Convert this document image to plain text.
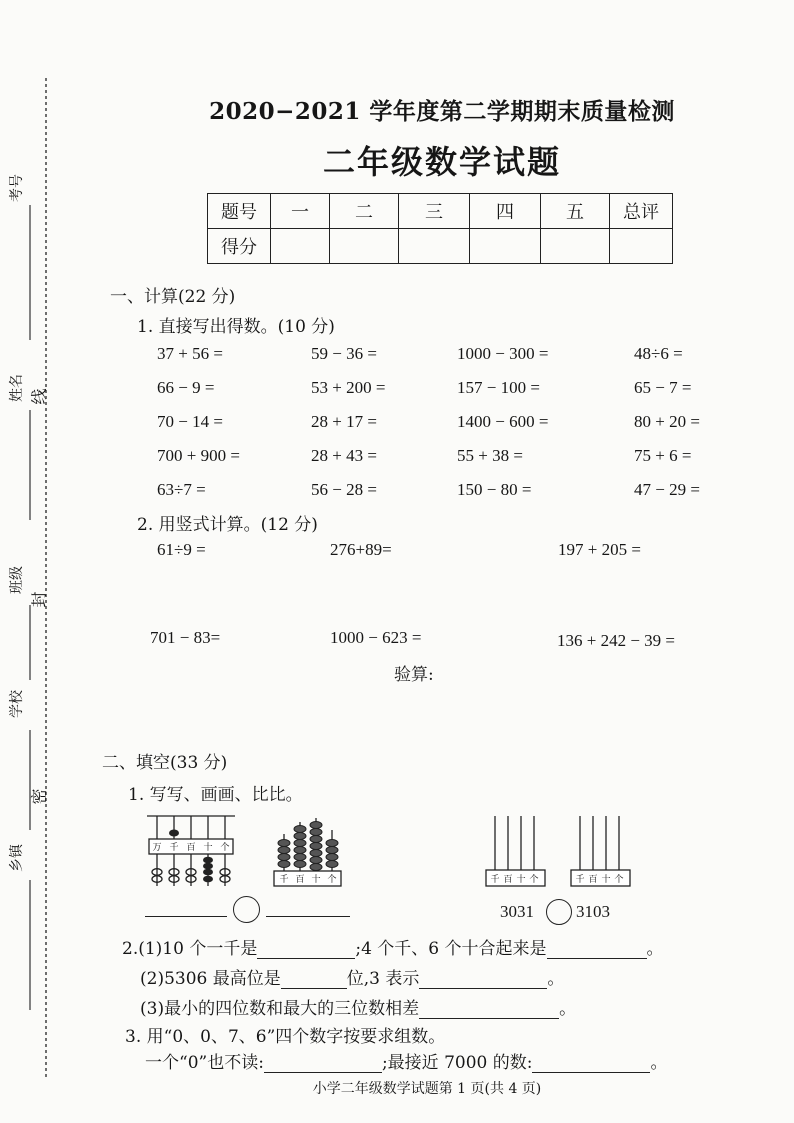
考号
姓名
班级
学校
乡镇
线
封
密
2020−2021 学年度第二学期期末质量检测
二年级数学试题
题号	一	二	三	四	五	总评
得分						
一、计算(22 分)
1. 直接写出得数。(10 分)
37 + 56 =	59 − 36 =	1000 − 300 =	48÷6 =
66 − 9 =	53 + 200 =	157 − 100 =	65 − 7 =
70 − 14 =	28 + 17 =	1400 − 600 =	80 + 20 =
700 + 900 =	28 + 43 =	55 + 38 =	75 + 6 =
63÷7 =	56 − 28 =	150 − 80 =	47 − 29 =
2. 用竖式计算。(12 分)
61÷9 =	276+89=	197 + 205 =
701 − 83=	1000 − 623 =	136 + 242 − 39 =
验算:
二、填空(33 分)
1. 写写、画画、比比。
万 千 百 十 个
千 百 十 个	千 百 十 个	千 百 十 个
3031 3103
2.(1)10 个一千是	;4 个千、6 个十合起来是	。
(2)5306 最高位是	位,3 表示	。
(3)最小的四位数和最大的三位数相差	。
3. 用“0、0、7、6”四个数字按要求组数。
一个“0”也不读:	;最接近 7000 的数:	。
小学二年级数学试题第 1 页(共 4 页)
